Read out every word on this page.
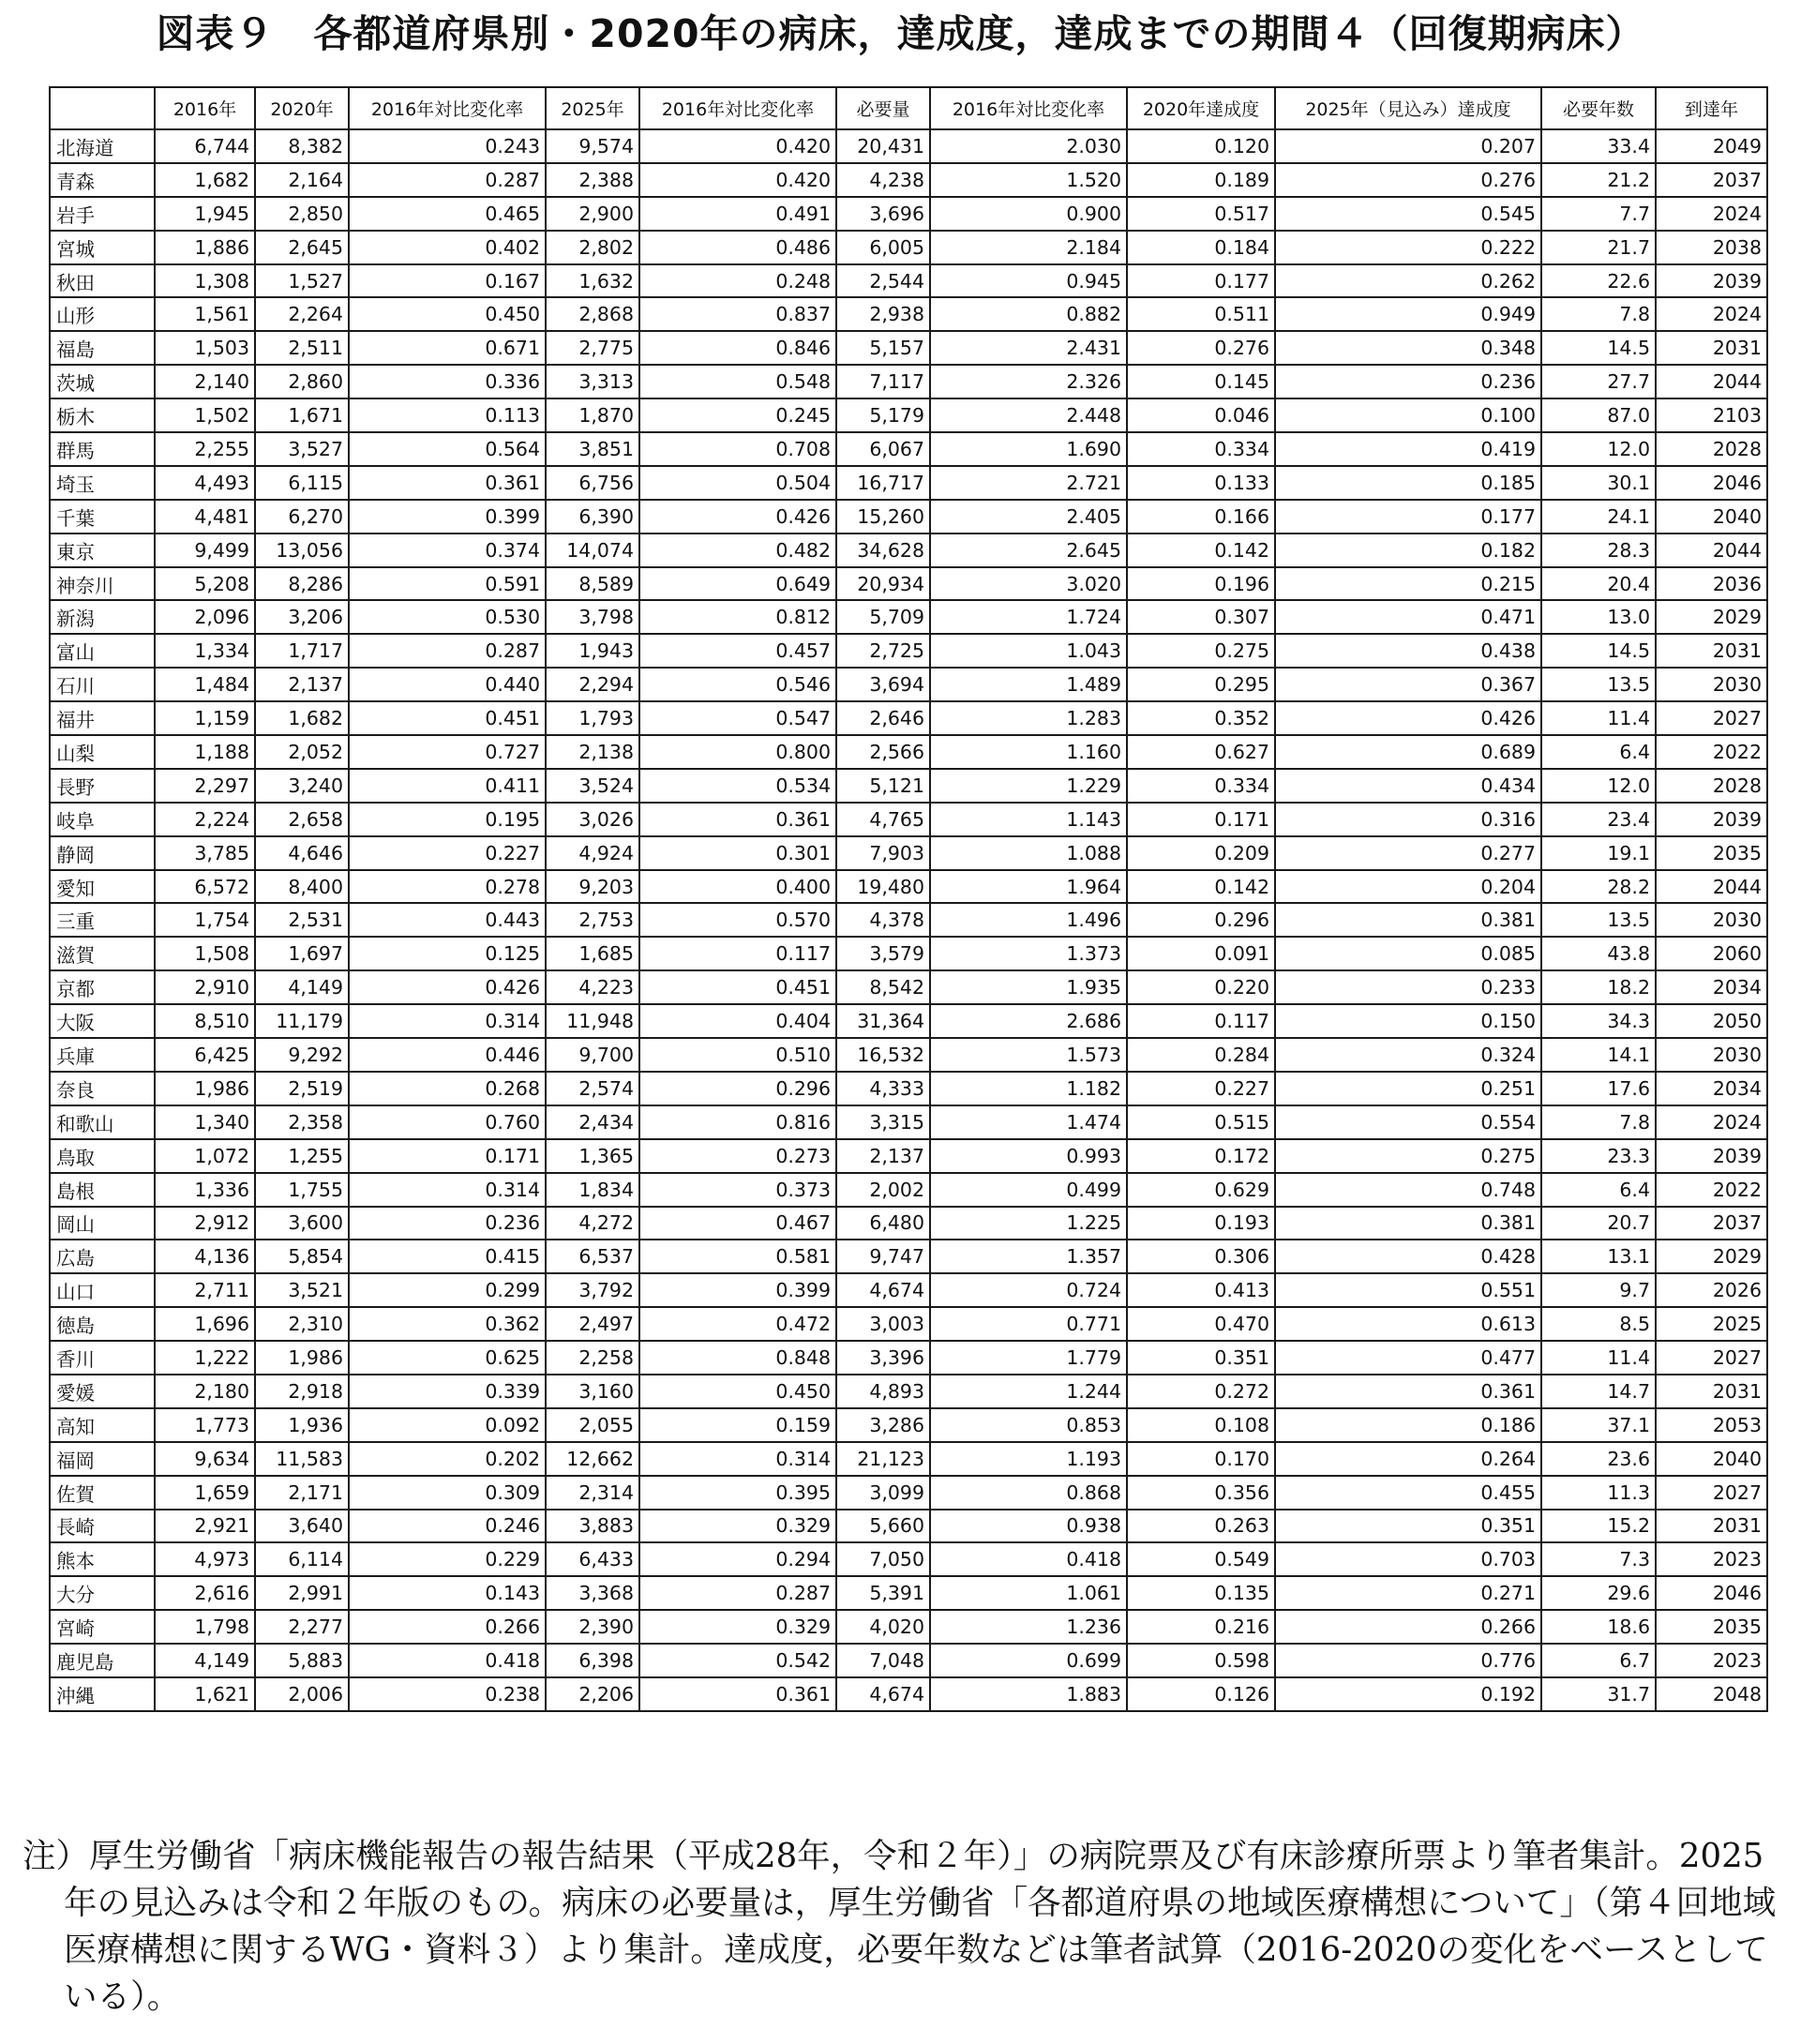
図表９　各都道府県別・2020年の病床，達成度，達成までの期間４（回復期病床）
	2016年	2020年	2016年対比変化率	2025年	2016年対比変化率	必要量	2016年対比変化率	2020年達成度	2025年（見込み）達成度	必要年数	到達年
北海道	6,744	8,382	0.243	9,574	0.420	20,431	2.030	0.120	0.207	33.4	2049
青森	1,682	2,164	0.287	2,388	0.420	4,238	1.520	0.189	0.276	21.2	2037
岩手	1,945	2,850	0.465	2,900	0.491	3,696	0.900	0.517	0.545	7.7	2024
宮城	1,886	2,645	0.402	2,802	0.486	6,005	2.184	0.184	0.222	21.7	2038
秋田	1,308	1,527	0.167	1,632	0.248	2,544	0.945	0.177	0.262	22.6	2039
山形	1,561	2,264	0.450	2,868	0.837	2,938	0.882	0.511	0.949	7.8	2024
福島	1,503	2,511	0.671	2,775	0.846	5,157	2.431	0.276	0.348	14.5	2031
茨城	2,140	2,860	0.336	3,313	0.548	7,117	2.326	0.145	0.236	27.7	2044
栃木	1,502	1,671	0.113	1,870	0.245	5,179	2.448	0.046	0.100	87.0	2103
群馬	2,255	3,527	0.564	3,851	0.708	6,067	1.690	0.334	0.419	12.0	2028
埼玉	4,493	6,115	0.361	6,756	0.504	16,717	2.721	0.133	0.185	30.1	2046
千葉	4,481	6,270	0.399	6,390	0.426	15,260	2.405	0.166	0.177	24.1	2040
東京	9,499	13,056	0.374	14,074	0.482	34,628	2.645	0.142	0.182	28.3	2044
神奈川	5,208	8,286	0.591	8,589	0.649	20,934	3.020	0.196	0.215	20.4	2036
新潟	2,096	3,206	0.530	3,798	0.812	5,709	1.724	0.307	0.471	13.0	2029
富山	1,334	1,717	0.287	1,943	0.457	2,725	1.043	0.275	0.438	14.5	2031
石川	1,484	2,137	0.440	2,294	0.546	3,694	1.489	0.295	0.367	13.5	2030
福井	1,159	1,682	0.451	1,793	0.547	2,646	1.283	0.352	0.426	11.4	2027
山梨	1,188	2,052	0.727	2,138	0.800	2,566	1.160	0.627	0.689	6.4	2022
長野	2,297	3,240	0.411	3,524	0.534	5,121	1.229	0.334	0.434	12.0	2028
岐阜	2,224	2,658	0.195	3,026	0.361	4,765	1.143	0.171	0.316	23.4	2039
静岡	3,785	4,646	0.227	4,924	0.301	7,903	1.088	0.209	0.277	19.1	2035
愛知	6,572	8,400	0.278	9,203	0.400	19,480	1.964	0.142	0.204	28.2	2044
三重	1,754	2,531	0.443	2,753	0.570	4,378	1.496	0.296	0.381	13.5	2030
滋賀	1,508	1,697	0.125	1,685	0.117	3,579	1.373	0.091	0.085	43.8	2060
京都	2,910	4,149	0.426	4,223	0.451	8,542	1.935	0.220	0.233	18.2	2034
大阪	8,510	11,179	0.314	11,948	0.404	31,364	2.686	0.117	0.150	34.3	2050
兵庫	6,425	9,292	0.446	9,700	0.510	16,532	1.573	0.284	0.324	14.1	2030
奈良	1,986	2,519	0.268	2,574	0.296	4,333	1.182	0.227	0.251	17.6	2034
和歌山	1,340	2,358	0.760	2,434	0.816	3,315	1.474	0.515	0.554	7.8	2024
鳥取	1,072	1,255	0.171	1,365	0.273	2,137	0.993	0.172	0.275	23.3	2039
島根	1,336	1,755	0.314	1,834	0.373	2,002	0.499	0.629	0.748	6.4	2022
岡山	2,912	3,600	0.236	4,272	0.467	6,480	1.225	0.193	0.381	20.7	2037
広島	4,136	5,854	0.415	6,537	0.581	9,747	1.357	0.306	0.428	13.1	2029
山口	2,711	3,521	0.299	3,792	0.399	4,674	0.724	0.413	0.551	9.7	2026
徳島	1,696	2,310	0.362	2,497	0.472	3,003	0.771	0.470	0.613	8.5	2025
香川	1,222	1,986	0.625	2,258	0.848	3,396	1.779	0.351	0.477	11.4	2027
愛媛	2,180	2,918	0.339	3,160	0.450	4,893	1.244	0.272	0.361	14.7	2031
高知	1,773	1,936	0.092	2,055	0.159	3,286	0.853	0.108	0.186	37.1	2053
福岡	9,634	11,583	0.202	12,662	0.314	21,123	1.193	0.170	0.264	23.6	2040
佐賀	1,659	2,171	0.309	2,314	0.395	3,099	0.868	0.356	0.455	11.3	2027
長崎	2,921	3,640	0.246	3,883	0.329	5,660	0.938	0.263	0.351	15.2	2031
熊本	4,973	6,114	0.229	6,433	0.294	7,050	0.418	0.549	0.703	7.3	2023
大分	2,616	2,991	0.143	3,368	0.287	5,391	1.061	0.135	0.271	29.6	2046
宮崎	1,798	2,277	0.266	2,390	0.329	4,020	1.236	0.216	0.266	18.6	2035
鹿児島	4,149	5,883	0.418	6,398	0.542	7,048	0.699	0.598	0.776	6.7	2023
沖縄	1,621	2,006	0.238	2,206	0.361	4,674	1.883	0.126	0.192	31.7	2048

注）厚生労働省「病床機能報告の報告結果（平成28年，令和２年）」の病院票及び有床診療所票より筆者集計。2025年の見込みは令和２年版のもの。病床の必要量は，厚生労働省「各都道府県の地域医療構想について」（第４回地域医療構想に関するWG・資料３）より集計。達成度，必要年数などは筆者試算（2016-2020の変化をベースとしている）。
